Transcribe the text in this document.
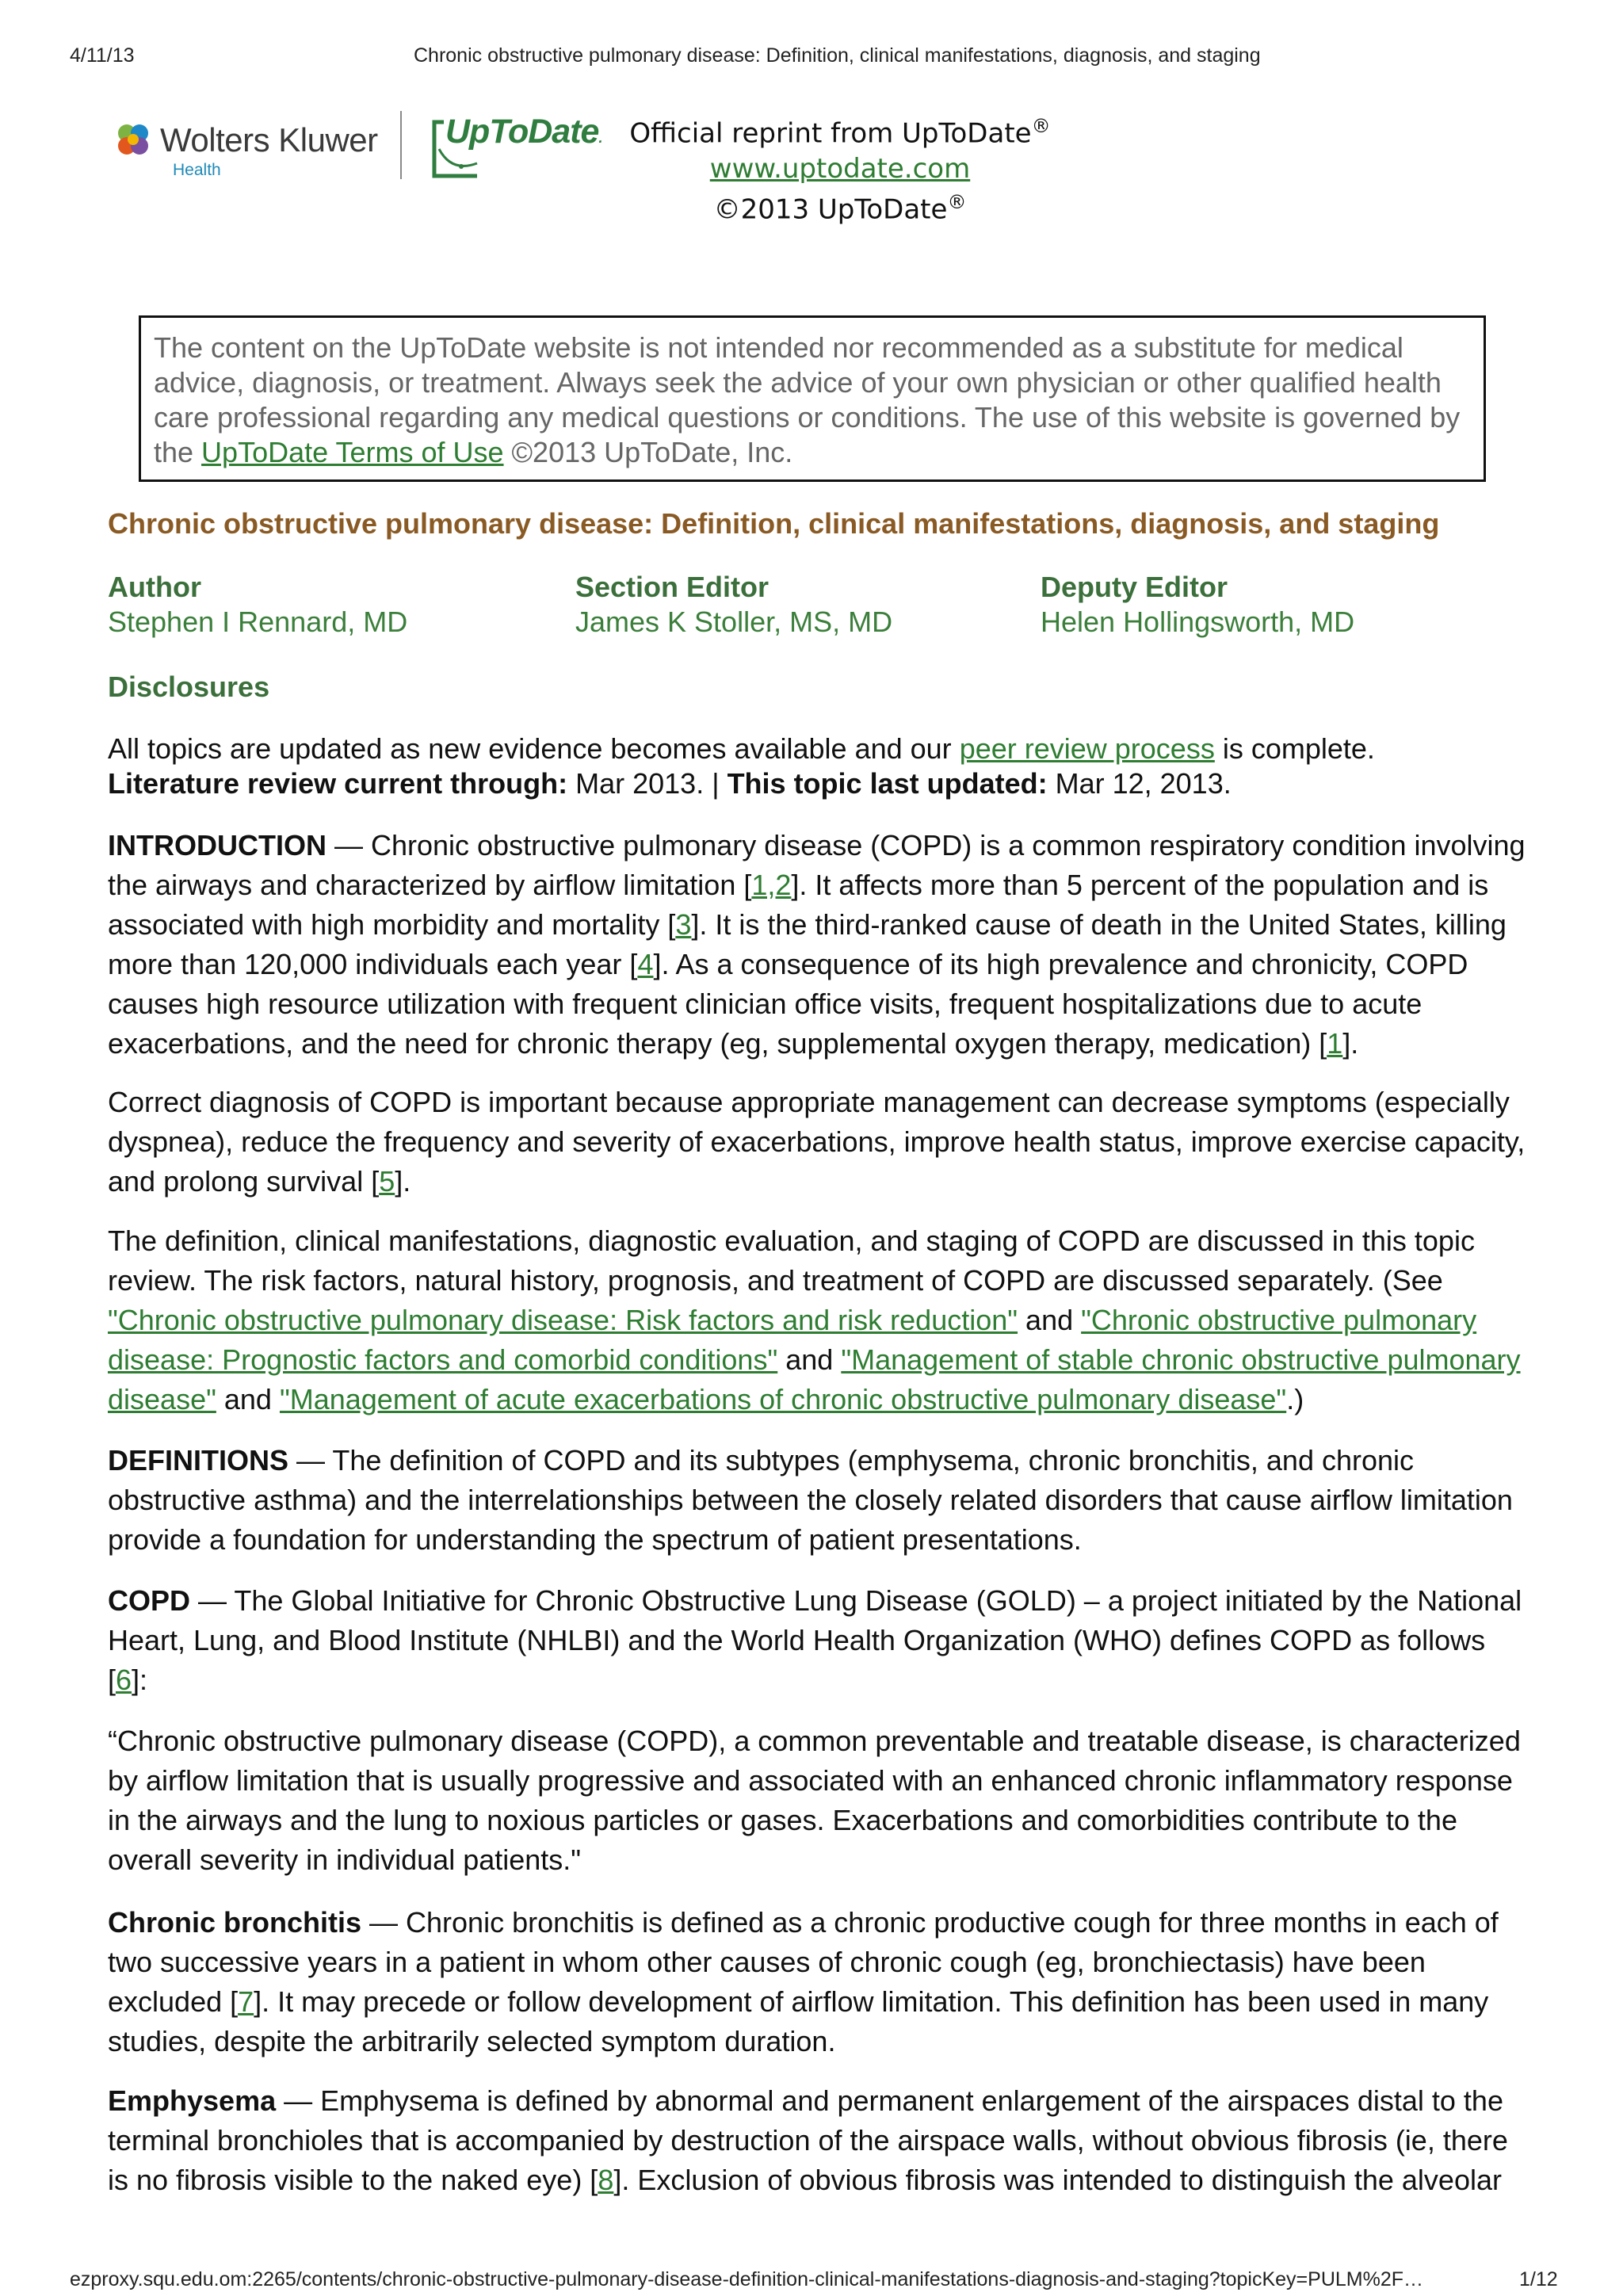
4/11/13	Chronic obstructive pulmonary disease: Definition, clinical manifestations, diagnosis, and staging
Wolters Kluwer
Health
UpToDate.	Official reprint from UpToDate®
www.uptodate.com
©2013 UpToDate®
The content on the UpToDate website is not intended nor recommended as a substitute for medical advice, diagnosis, or treatment. Always seek the advice of your own physician or other qualified health care professional regarding any medical questions or conditions. The use of this website is governed by the UpToDate Terms of Use ©2013 UpToDate, Inc.
Chronic obstructive pulmonary disease: Definition, clinical manifestations, diagnosis, and staging
Author
Stephen I Rennard, MD
Section Editor
James K Stoller, MS, MD
Deputy Editor
Helen Hollingsworth, MD
Disclosures
All topics are updated as new evidence becomes available and our peer review process is complete.
Literature review current through: Mar 2013. | This topic last updated: Mar 12, 2013.
INTRODUCTION — Chronic obstructive pulmonary disease (COPD) is a common respiratory condition involving the airways and characterized by airflow limitation [1,2]. It affects more than 5 percent of the population and is associated with high morbidity and mortality [3]. It is the third-ranked cause of death in the United States, killing more than 120,000 individuals each year [4]. As a consequence of its high prevalence and chronicity, COPD causes high resource utilization with frequent clinician office visits, frequent hospitalizations due to acute exacerbations, and the need for chronic therapy (eg, supplemental oxygen therapy, medication) [1].
Correct diagnosis of COPD is important because appropriate management can decrease symptoms (especially dyspnea), reduce the frequency and severity of exacerbations, improve health status, improve exercise capacity, and prolong survival [5].
The definition, clinical manifestations, diagnostic evaluation, and staging of COPD are discussed in this topic review. The risk factors, natural history, prognosis, and treatment of COPD are discussed separately. (See "Chronic obstructive pulmonary disease: Risk factors and risk reduction" and "Chronic obstructive pulmonary disease: Prognostic factors and comorbid conditions" and "Management of stable chronic obstructive pulmonary disease" and "Management of acute exacerbations of chronic obstructive pulmonary disease".)
DEFINITIONS — The definition of COPD and its subtypes (emphysema, chronic bronchitis, and chronic obstructive asthma) and the interrelationships between the closely related disorders that cause airflow limitation provide a foundation for understanding the spectrum of patient presentations.
COPD — The Global Initiative for Chronic Obstructive Lung Disease (GOLD) – a project initiated by the National Heart, Lung, and Blood Institute (NHLBI) and the World Health Organization (WHO) defines COPD as follows [6]:
“Chronic obstructive pulmonary disease (COPD), a common preventable and treatable disease, is characterized by airflow limitation that is usually progressive and associated with an enhanced chronic inflammatory response in the airways and the lung to noxious particles or gases. Exacerbations and comorbidities contribute to the overall severity in individual patients."
Chronic bronchitis — Chronic bronchitis is defined as a chronic productive cough for three months in each of two successive years in a patient in whom other causes of chronic cough (eg, bronchiectasis) have been excluded [7]. It may precede or follow development of airflow limitation. This definition has been used in many studies, despite the arbitrarily selected symptom duration.
Emphysema — Emphysema is defined by abnormal and permanent enlargement of the airspaces distal to the terminal bronchioles that is accompanied by destruction of the airspace walls, without obvious fibrosis (ie, there is no fibrosis visible to the naked eye) [8]. Exclusion of obvious fibrosis was intended to distinguish the alveolar
ezproxy.squ.edu.om:2265/contents/chronic-obstructive-pulmonary-disease-definition-clinical-manifestations-diagnosis-and-staging?topicKey=PULM%2F…	1/12
